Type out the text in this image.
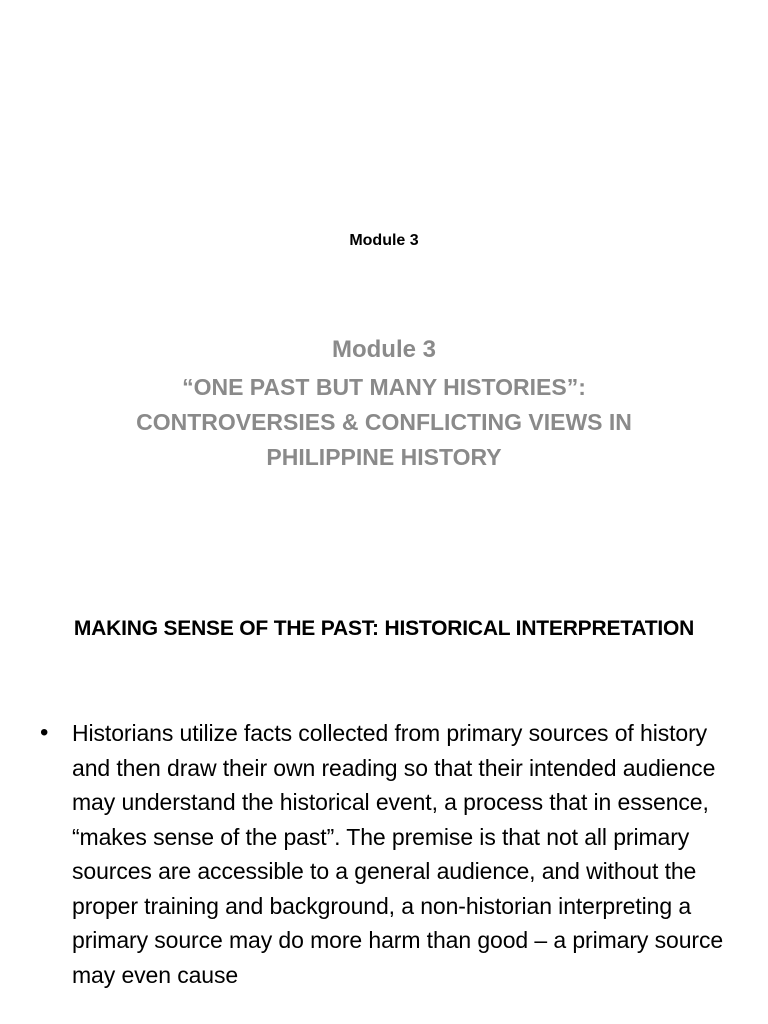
Module 3
Module 3
“ONE PAST BUT MANY HISTORIES”:
CONTROVERSIES & CONFLICTING VIEWS IN
PHILIPPINE HISTORY
MAKING SENSE OF THE PAST: HISTORICAL INTERPRETATION
•	Historians utilize facts collected from primary sources of history and then draw their own reading so that their intended audience may understand the historical event, a process that in essence, “makes sense of the past”. The premise is that not all primary sources are accessible to a general audience, and without the proper training and background, a non-historian interpreting a primary source may do more harm than good – a primary source may even cause
